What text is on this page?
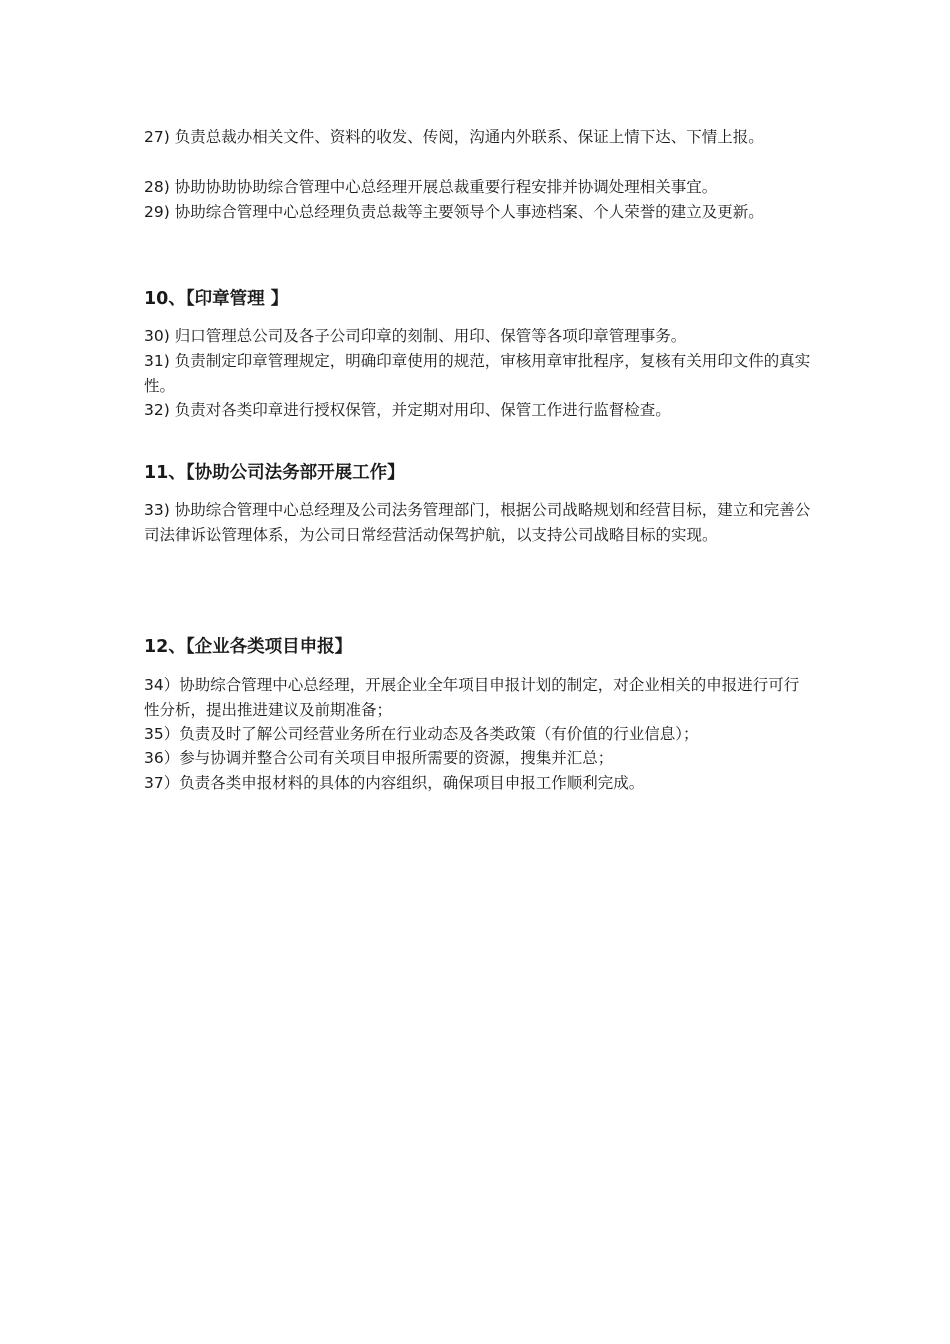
27) 负责总裁办相关文件、资料的收发、传阅，沟通内外联系、保证上情下达、下情上报。

28) 协助协助协助综合管理中心总经理开展总裁重要行程安排并协调处理相关事宜。

29) 协助综合管理中心总经理负责总裁等主要领导个人事迹档案、个人荣誉的建立及更新。

10、【印章管理 】

30) 归口管理总公司及各子公司印章的刻制、用印、保管等各项印章管理事务。

31) 负责制定印章管理规定，明确印章使用的规范，审核用章审批程序，复核有关用印文件的真实性。

32) 负责对各类印章进行授权保管，并定期对用印、保管工作进行监督检查。

11、【协助公司法务部开展工作】

33) 协助综合管理中心总经理及公司法务管理部门，根据公司战略规划和经营目标，建立和完善公司法律诉讼管理体系，为公司日常经营活动保驾护航，以支持公司战略目标的实现。

12、【企业各类项目申报】

34）协助综合管理中心总经理，开展企业全年项目申报计划的制定，对企业相关的申报进行可行性分析，提出推进建议及前期准备；

35）负责及时了解公司经营业务所在行业动态及各类政策（有价值的行业信息）；

36）参与协调并整合公司有关项目申报所需要的资源，搜集并汇总；

37）负责各类申报材料的具体的内容组织，确保项目申报工作顺利完成。
